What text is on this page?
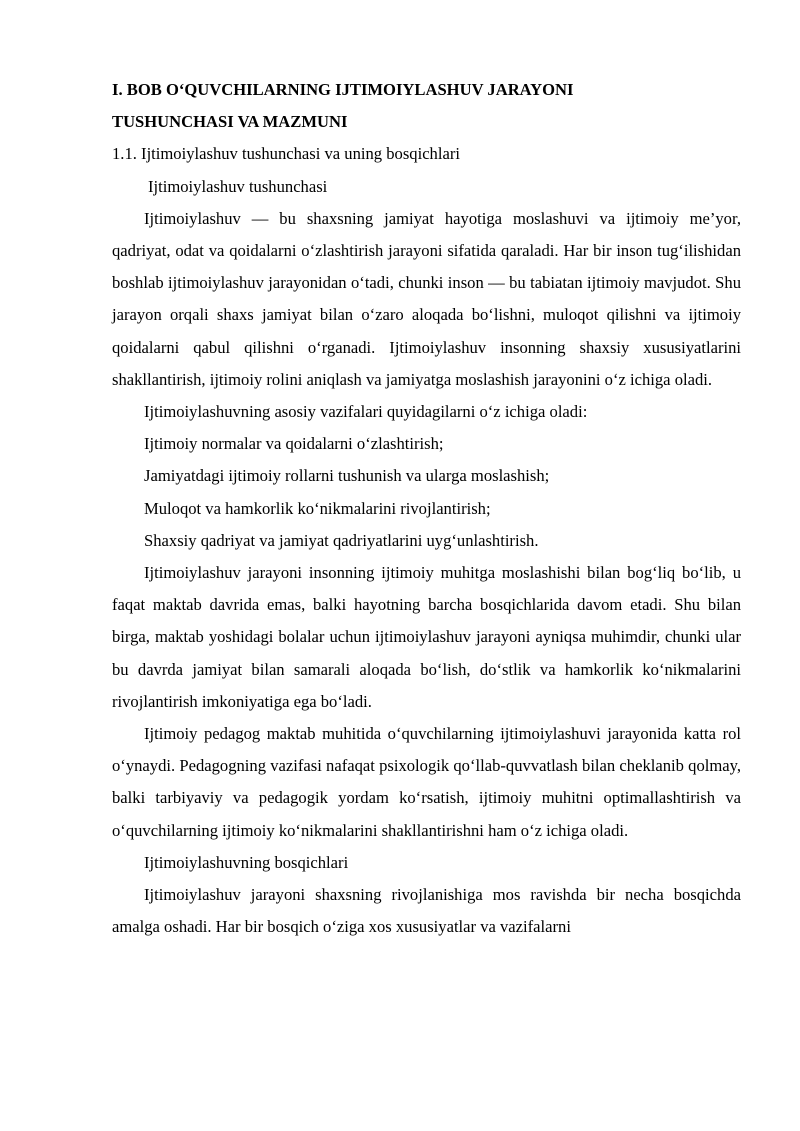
I. BOB O‘QUVCHILARNING IJTIMOIYLASHUV JARAYONI
TUSHUNCHASI VA MAZMUNI

1.1. Ijtimoiylashuv tushunchasi va uning bosqichlari

Ijtimoiylashuv tushunchasi

Ijtimoiylashuv — bu shaxsning jamiyat hayotiga moslashuvi va ijtimoiy me’yor, qadriyat, odat va qoidalarni o‘zlashtirish jarayoni sifatida qaraladi. Har bir inson tug‘ilishidan boshlab ijtimoiylashuv jarayonidan o‘tadi, chunki inson — bu tabiatan ijtimoiy mavjudot. Shu jarayon orqali shaxs jamiyat bilan o‘zaro aloqada bo‘lishni, muloqot qilishni va ijtimoiy qoidalarni qabul qilishni o‘rganadi. Ijtimoiylashuv insonning shaxsiy xususiyatlarini shakllantirish, ijtimoiy rolini aniqlash va jamiyatga moslashish jarayonini o‘z ichiga oladi.

Ijtimoiylashuvning asosiy vazifalari quyidagilarni o‘z ichiga oladi:

Ijtimoiy normalar va qoidalarni o‘zlashtirish;

Jamiyatdagi ijtimoiy rollarni tushunish va ularga moslashish;

Muloqot va hamkorlik ko‘nikmalarini rivojlantirish;

Shaxsiy qadriyat va jamiyat qadriyatlarini uyg‘unlashtirish.

Ijtimoiylashuv jarayoni insonning ijtimoiy muhitga moslashishi bilan bog‘liq bo‘lib, u faqat maktab davrida emas, balki hayotning barcha bosqichlarida davom etadi. Shu bilan birga, maktab yoshidagi bolalar uchun ijtimoiylashuv jarayoni ayniqsa muhimdir, chunki ular bu davrda jamiyat bilan samarali aloqada bo‘lish, do‘stlik va hamkorlik ko‘nikmalarini rivojlantirish imkoniyatiga ega bo‘ladi.

Ijtimoiy pedagog maktab muhitida o‘quvchilarning ijtimoiylashuvi jarayonida katta rol o‘ynaydi. Pedagogning vazifasi nafaqat psixologik qo‘llab-quvvatlash bilan cheklanib qolmay, balki tarbiyaviy va pedagogik yordam ko‘rsatish, ijtimoiy muhitni optimallashtirish va o‘quvchilarning ijtimoiy ko‘nikmalarini shakllantirishni ham o‘z ichiga oladi.

Ijtimoiylashuvning bosqichlari

Ijtimoiylashuv jarayoni shaxsning rivojlanishiga mos ravishda bir necha bosqichda amalga oshadi. Har bir bosqich o‘ziga xos xususiyatlar va vazifalarni
